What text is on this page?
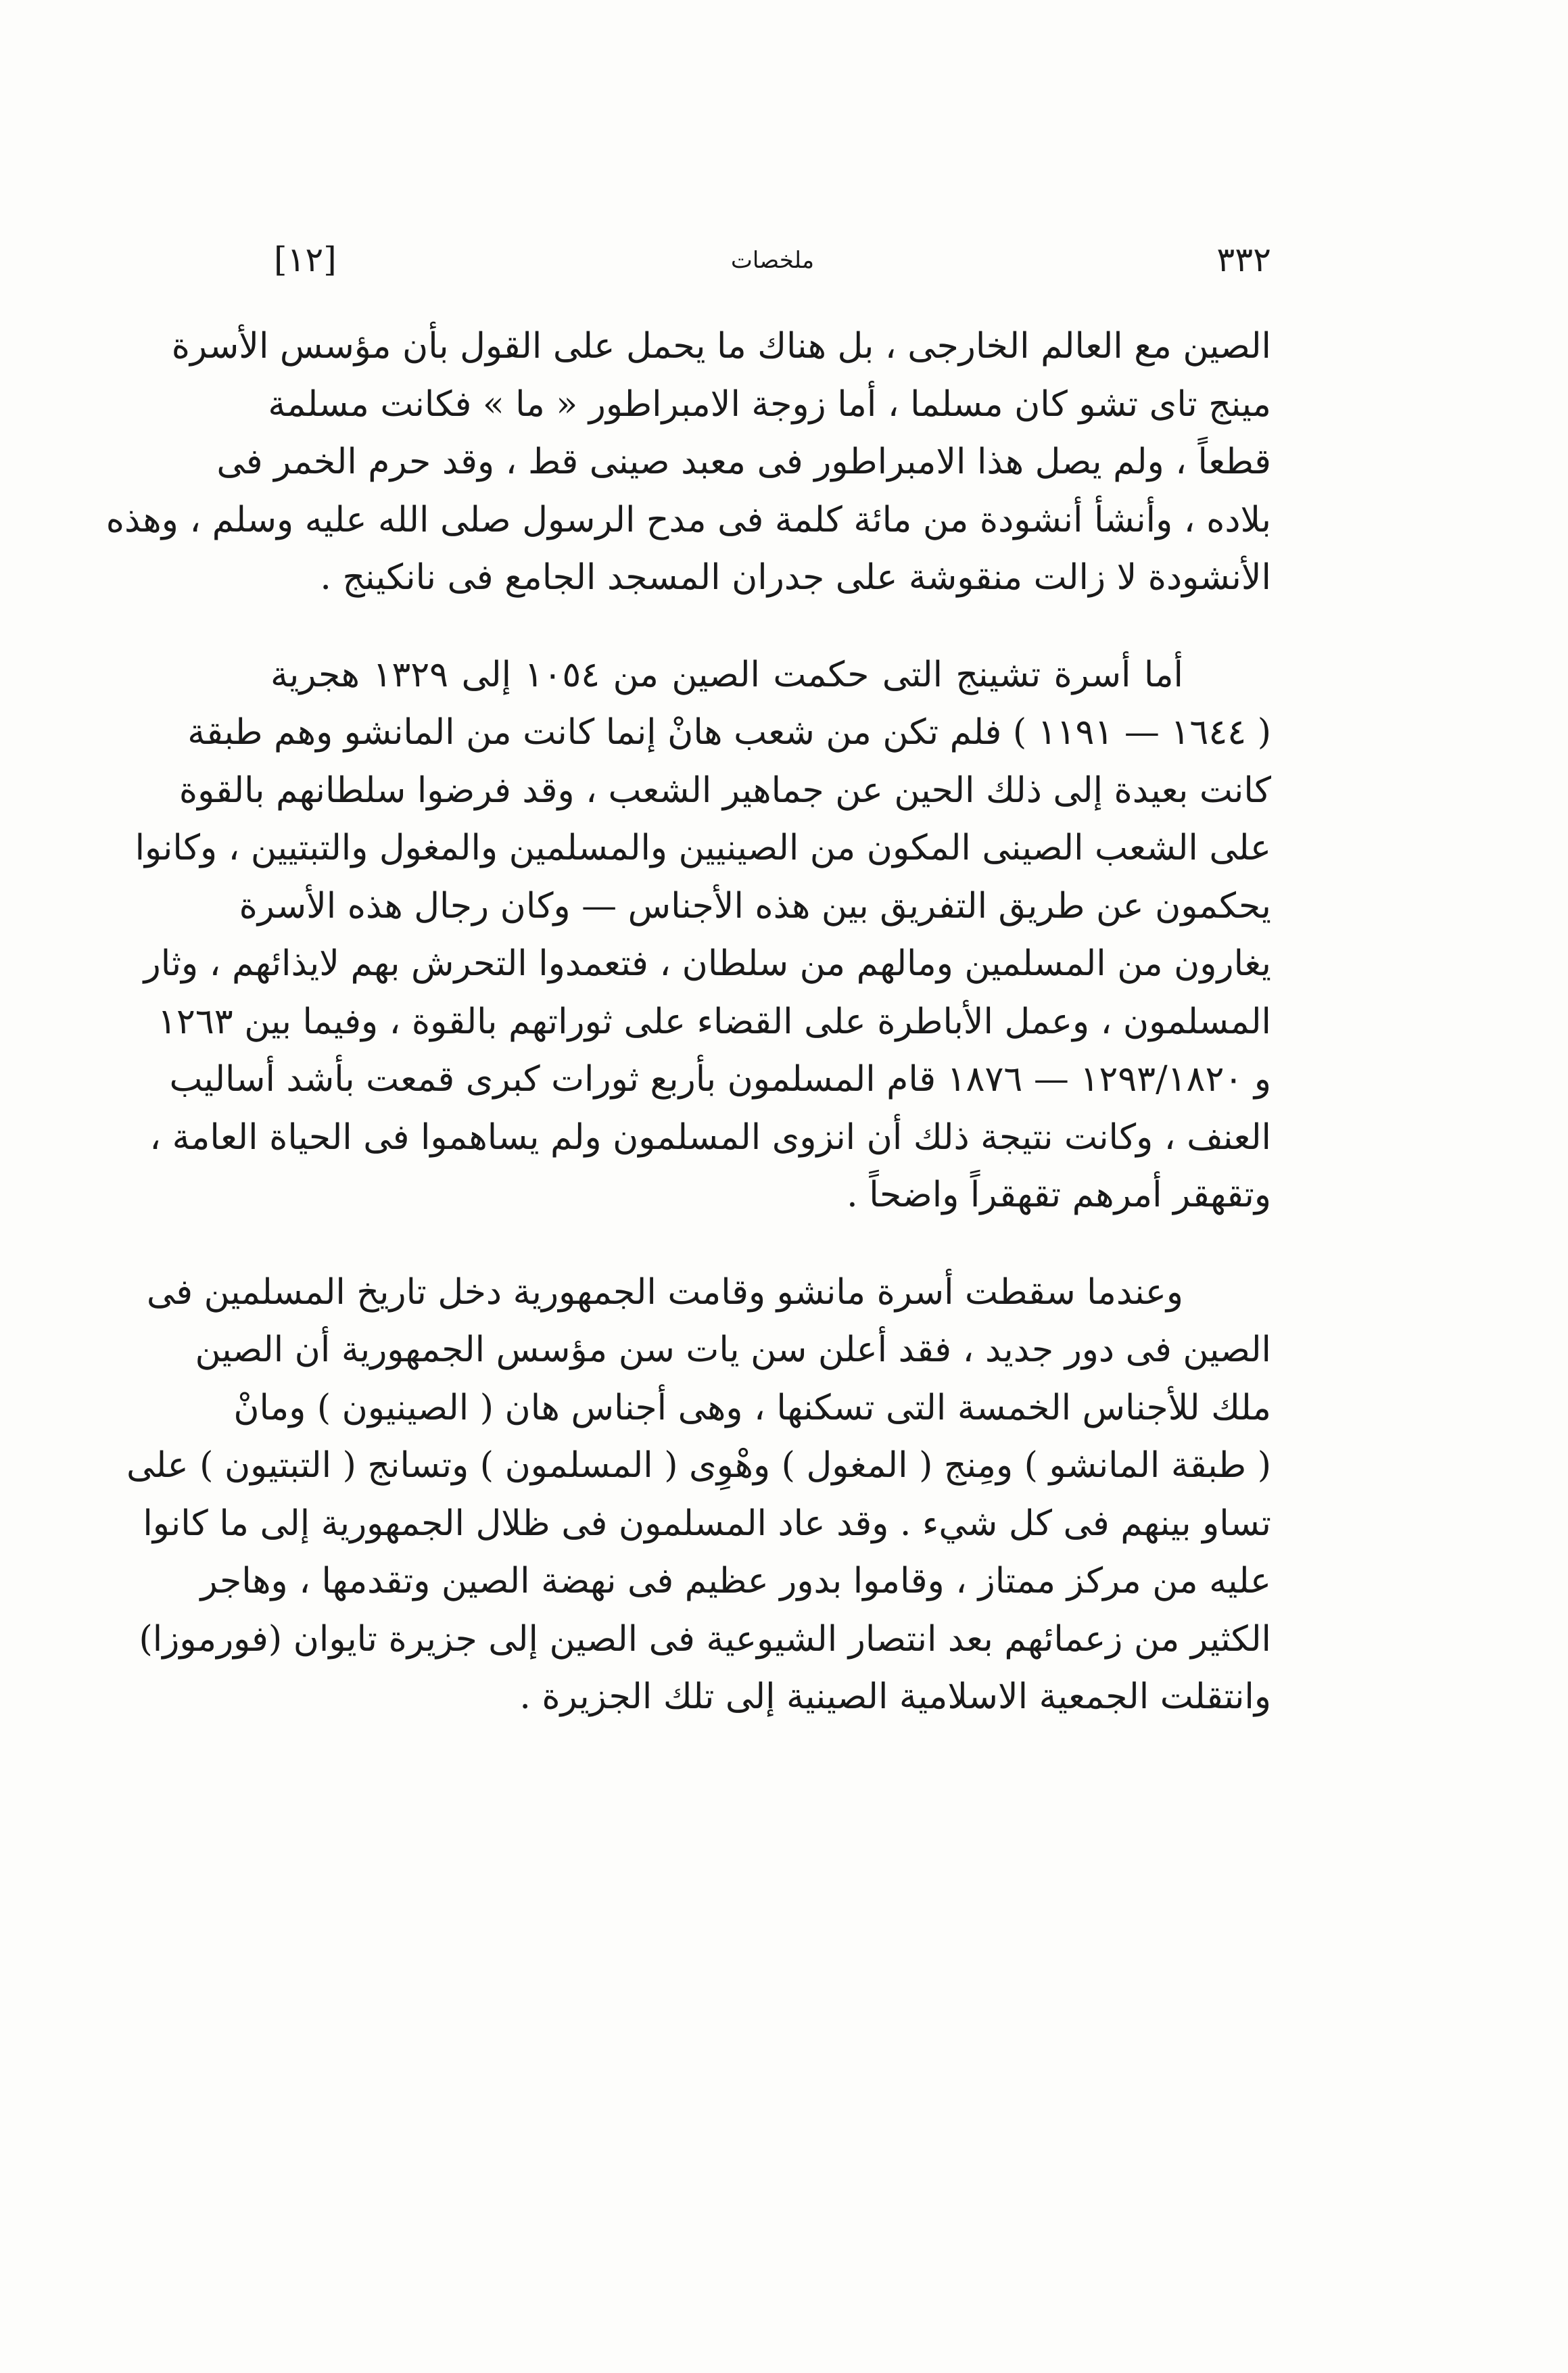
[١٢]	ملخصات	٣٣٢

الصين مع العالم الخارجى ، بل هناك ما يحمل على القول بأن مؤسس الأسرة
مينج تاى تشو كان مسلما ، أما زوجة الامبراطور « ما » فكانت مسلمة
قطعاً ، ولم يصل هذا الامبراطور فى معبد صينى قط ، وقد حرم الخمر فى
بلاده ، وأنشأ أنشودة من مائة كلمة فى مدح الرسول صلى الله عليه وسلم ، وهذه
الأنشودة لا زالت منقوشة على جدران المسجد الجامع فى نانكينج .

أما أسرة تشينج التى حكمت الصين من ١٠٥٤ إلى ١٣٢٩ هجرية
( ١٦٤٤ — ١١٩١ ) فلم تكن من شعب هانْ إنما كانت من المانشو وهم طبقة
كانت بعيدة إلى ذلك الحين عن جماهير الشعب ، وقد فرضوا سلطانهم بالقوة
على الشعب الصينى المكون من الصينيين والمسلمين والمغول والتبتيين ، وكانوا
يحكمون عن طريق التفريق بين هذه الأجناس — وكان رجال هذه الأسرة
يغارون من المسلمين ومالهم من سلطان ، فتعمدوا التحرش بهم لايذائهم ، وثار
المسلمون ، وعمل الأباطرة على القضاء على ثوراتهم بالقوة ، وفيما بين ١٢٦٣
و ١٢٩٣/١٨٢٠ — ١٨٧٦ قام المسلمون بأربع ثورات كبرى قمعت بأشد أساليب
العنف ، وكانت نتيجة ذلك أن انزوى المسلمون ولم يساهموا فى الحياة العامة ،
وتقهقر أمرهم تقهقراً واضحاً .

وعندما سقطت أسرة مانشو وقامت الجمهورية دخل تاريخ المسلمين فى
الصين فى دور جديد ، فقد أعلن سن يات سن مؤسس الجمهورية أن الصين
ملك للأجناس الخمسة التى تسكنها ، وهى أجناس هان ( الصينيون ) ومانْ
( طبقة المانشو ) ومِنج ( المغول ) وهْوِى ( المسلمون ) وتسانج ( التبتيون ) على
تساو بينهم فى كل شيء . وقد عاد المسلمون فى ظلال الجمهورية إلى ما كانوا
عليه من مركز ممتاز ، وقاموا بدور عظيم فى نهضة الصين وتقدمها ، وهاجر
الكثير من زعمائهم بعد انتصار الشيوعية فى الصين إلى جزيرة تايوان (فورموزا)
وانتقلت الجمعية الاسلامية الصينية إلى تلك الجزيرة .
